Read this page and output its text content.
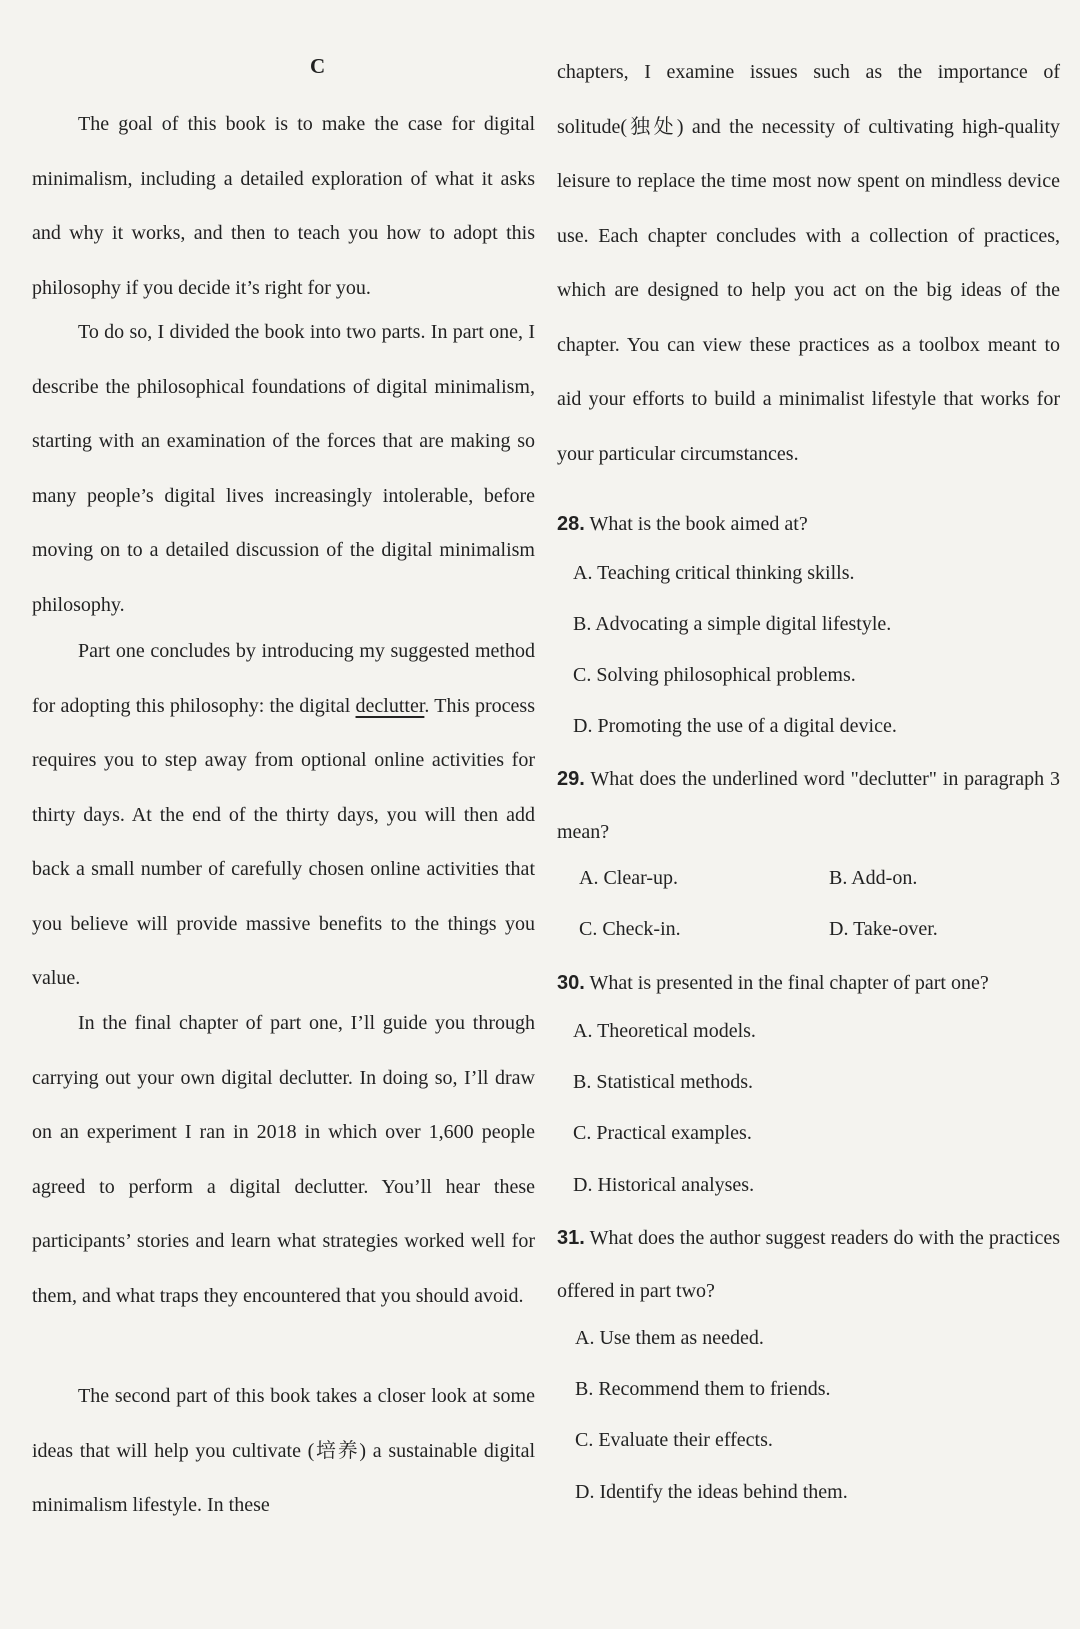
C

The goal of this book is to make the case for digital minimalism, including a detailed exploration of what it asks and why it works, and then to teach you how to adopt this philosophy if you decide it’s right for you.

To do so, I divided the book into two parts. In part one, I describe the philosophical foundations of digital minimalism, starting with an examination of the forces that are making so many people’s digital lives increasingly intolerable, before moving on to a detailed discussion of the digital minimalism philosophy.

Part one concludes by introducing my suggested method for adopting this philosophy: the digital declutter. This process requires you to step away from optional online activities for thirty days. At the end of the thirty days, you will then add back a small number of carefully chosen online activities that you believe will provide massive benefits to the things you value.

In the final chapter of part one, I’ll guide you through carrying out your own digital declutter. In doing so, I’ll draw on an experiment I ran in 2018 in which over 1,600 people agreed to perform a digital declutter. You’ll hear these participants’ stories and learn what strategies worked well for them, and what traps they encountered that you should avoid.

The second part of this book takes a closer look at some ideas that will help you cultivate (培养) a sustainable digital minimalism lifestyle. In these

chapters, I examine issues such as the importance of solitude(独处) and the necessity of cultivating high-quality leisure to replace the time most now spent on mindless device use. Each chapter concludes with a collection of practices, which are designed to help you act on the big ideas of the chapter. You can view these practices as a toolbox meant to aid your efforts to build a minimalist lifestyle that works for your particular circumstances.

28. What is the book aimed at?

A. Teaching critical thinking skills.
B. Advocating a simple digital lifestyle.
C. Solving philosophical problems.
D. Promoting the use of a digital device.

29. What does the underlined word "declutter" in paragraph 3 mean?

A. Clear-up.	B. Add-on.
C. Check-in.	D. Take-over.

30. What is presented in the final chapter of part one?

A. Theoretical models.
B. Statistical methods.
C. Practical examples.
D. Historical analyses.

31. What does the author suggest readers do with the practices offered in part two?

A. Use them as needed.
B. Recommend them to friends.
C. Evaluate their effects.
D. Identify the ideas behind them.
